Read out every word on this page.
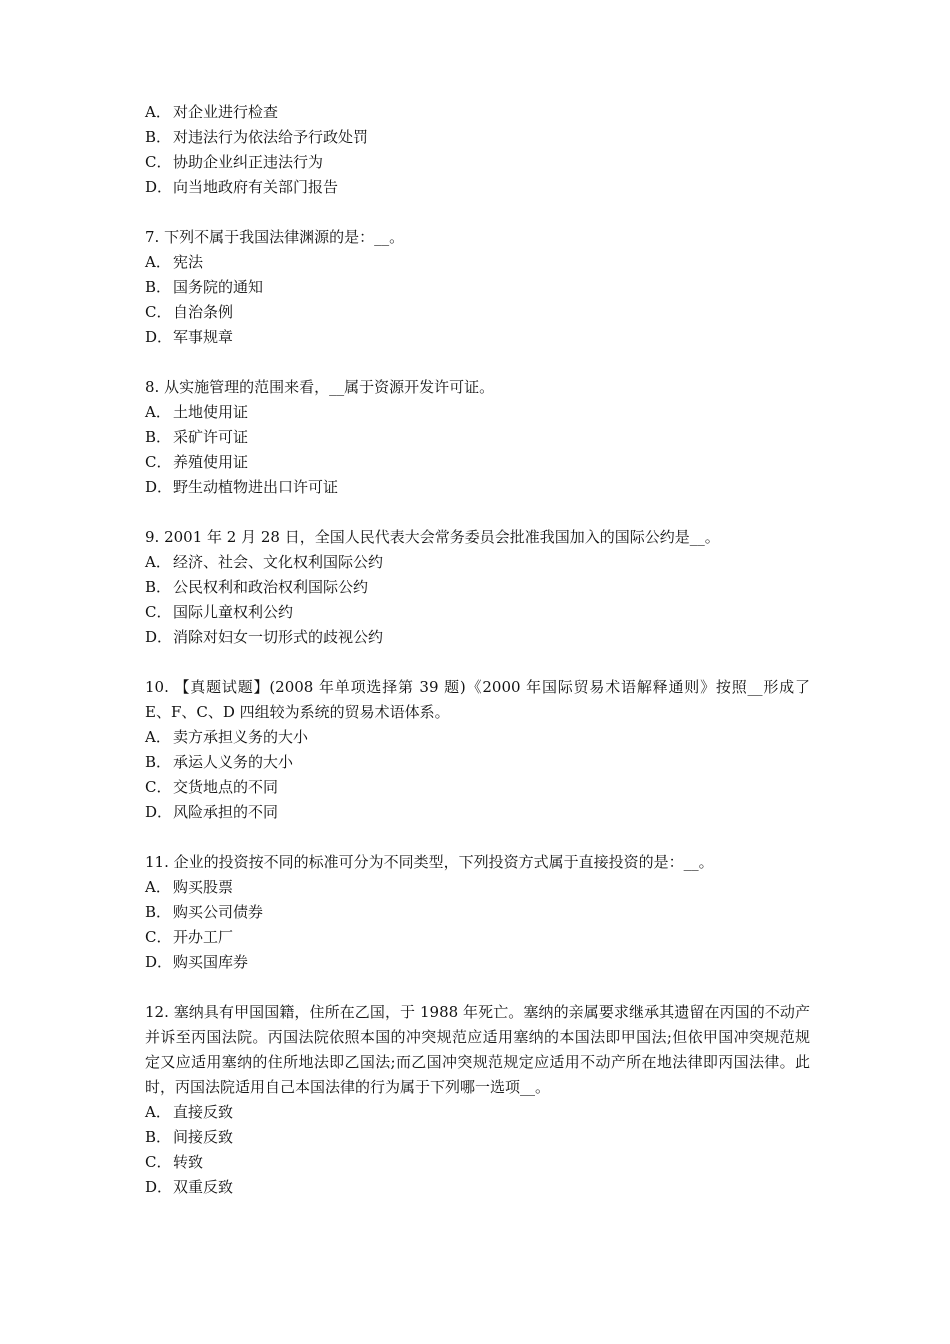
A． 对企业进行检查
B． 对违法行为依法给予行政处罚
C． 协助企业纠正违法行为
D．向当地政府有关部门报告
7. 下列不属于我国法律渊源的是：__。
A． 宪法
B． 国务院的通知
C． 自治条例
D．军事规章
8. 从实施管理的范围来看，__属于资源开发许可证。
A． 土地使用证
B． 采矿许可证
C． 养殖使用证
D．野生动植物进出口许可证
9. 2001 年 2 月 28 日，全国人民代表大会常务委员会批准我国加入的国际公约是__。
A． 经济、社会、文化权利国际公约
B． 公民权利和政治权利国际公约
C． 国际儿童权利公约
D．消除对妇女一切形式的歧视公约
10. 【真题试题】(2008 年单项选择第 39 题)《2000 年国际贸易术语解释通则》按照__形成了 E、F、C、D 四组较为系统的贸易术语体系。
A． 卖方承担义务的大小
B． 承运人义务的大小
C． 交货地点的不同
D．风险承担的不同
11. 企业的投资按不同的标准可分为不同类型，下列投资方式属于直接投资的是：__。
A． 购买股票
B． 购买公司债券
C． 开办工厂
D．购买国库券
12. 塞纳具有甲国国籍，住所在乙国，于 1988 年死亡。塞纳的亲属要求继承其遗留在丙国的不动产并诉至丙国法院。丙国法院依照本国的冲突规范应适用塞纳的本国法即甲国法;但依甲国冲突规范规定又应适用塞纳的住所地法即乙国法;而乙国冲突规范规定应适用不动产所在地法律即丙国法律。此时，丙国法院适用自己本国法律的行为属于下列哪一选项__。
A． 直接反致
B． 间接反致
C． 转致
D．双重反致
